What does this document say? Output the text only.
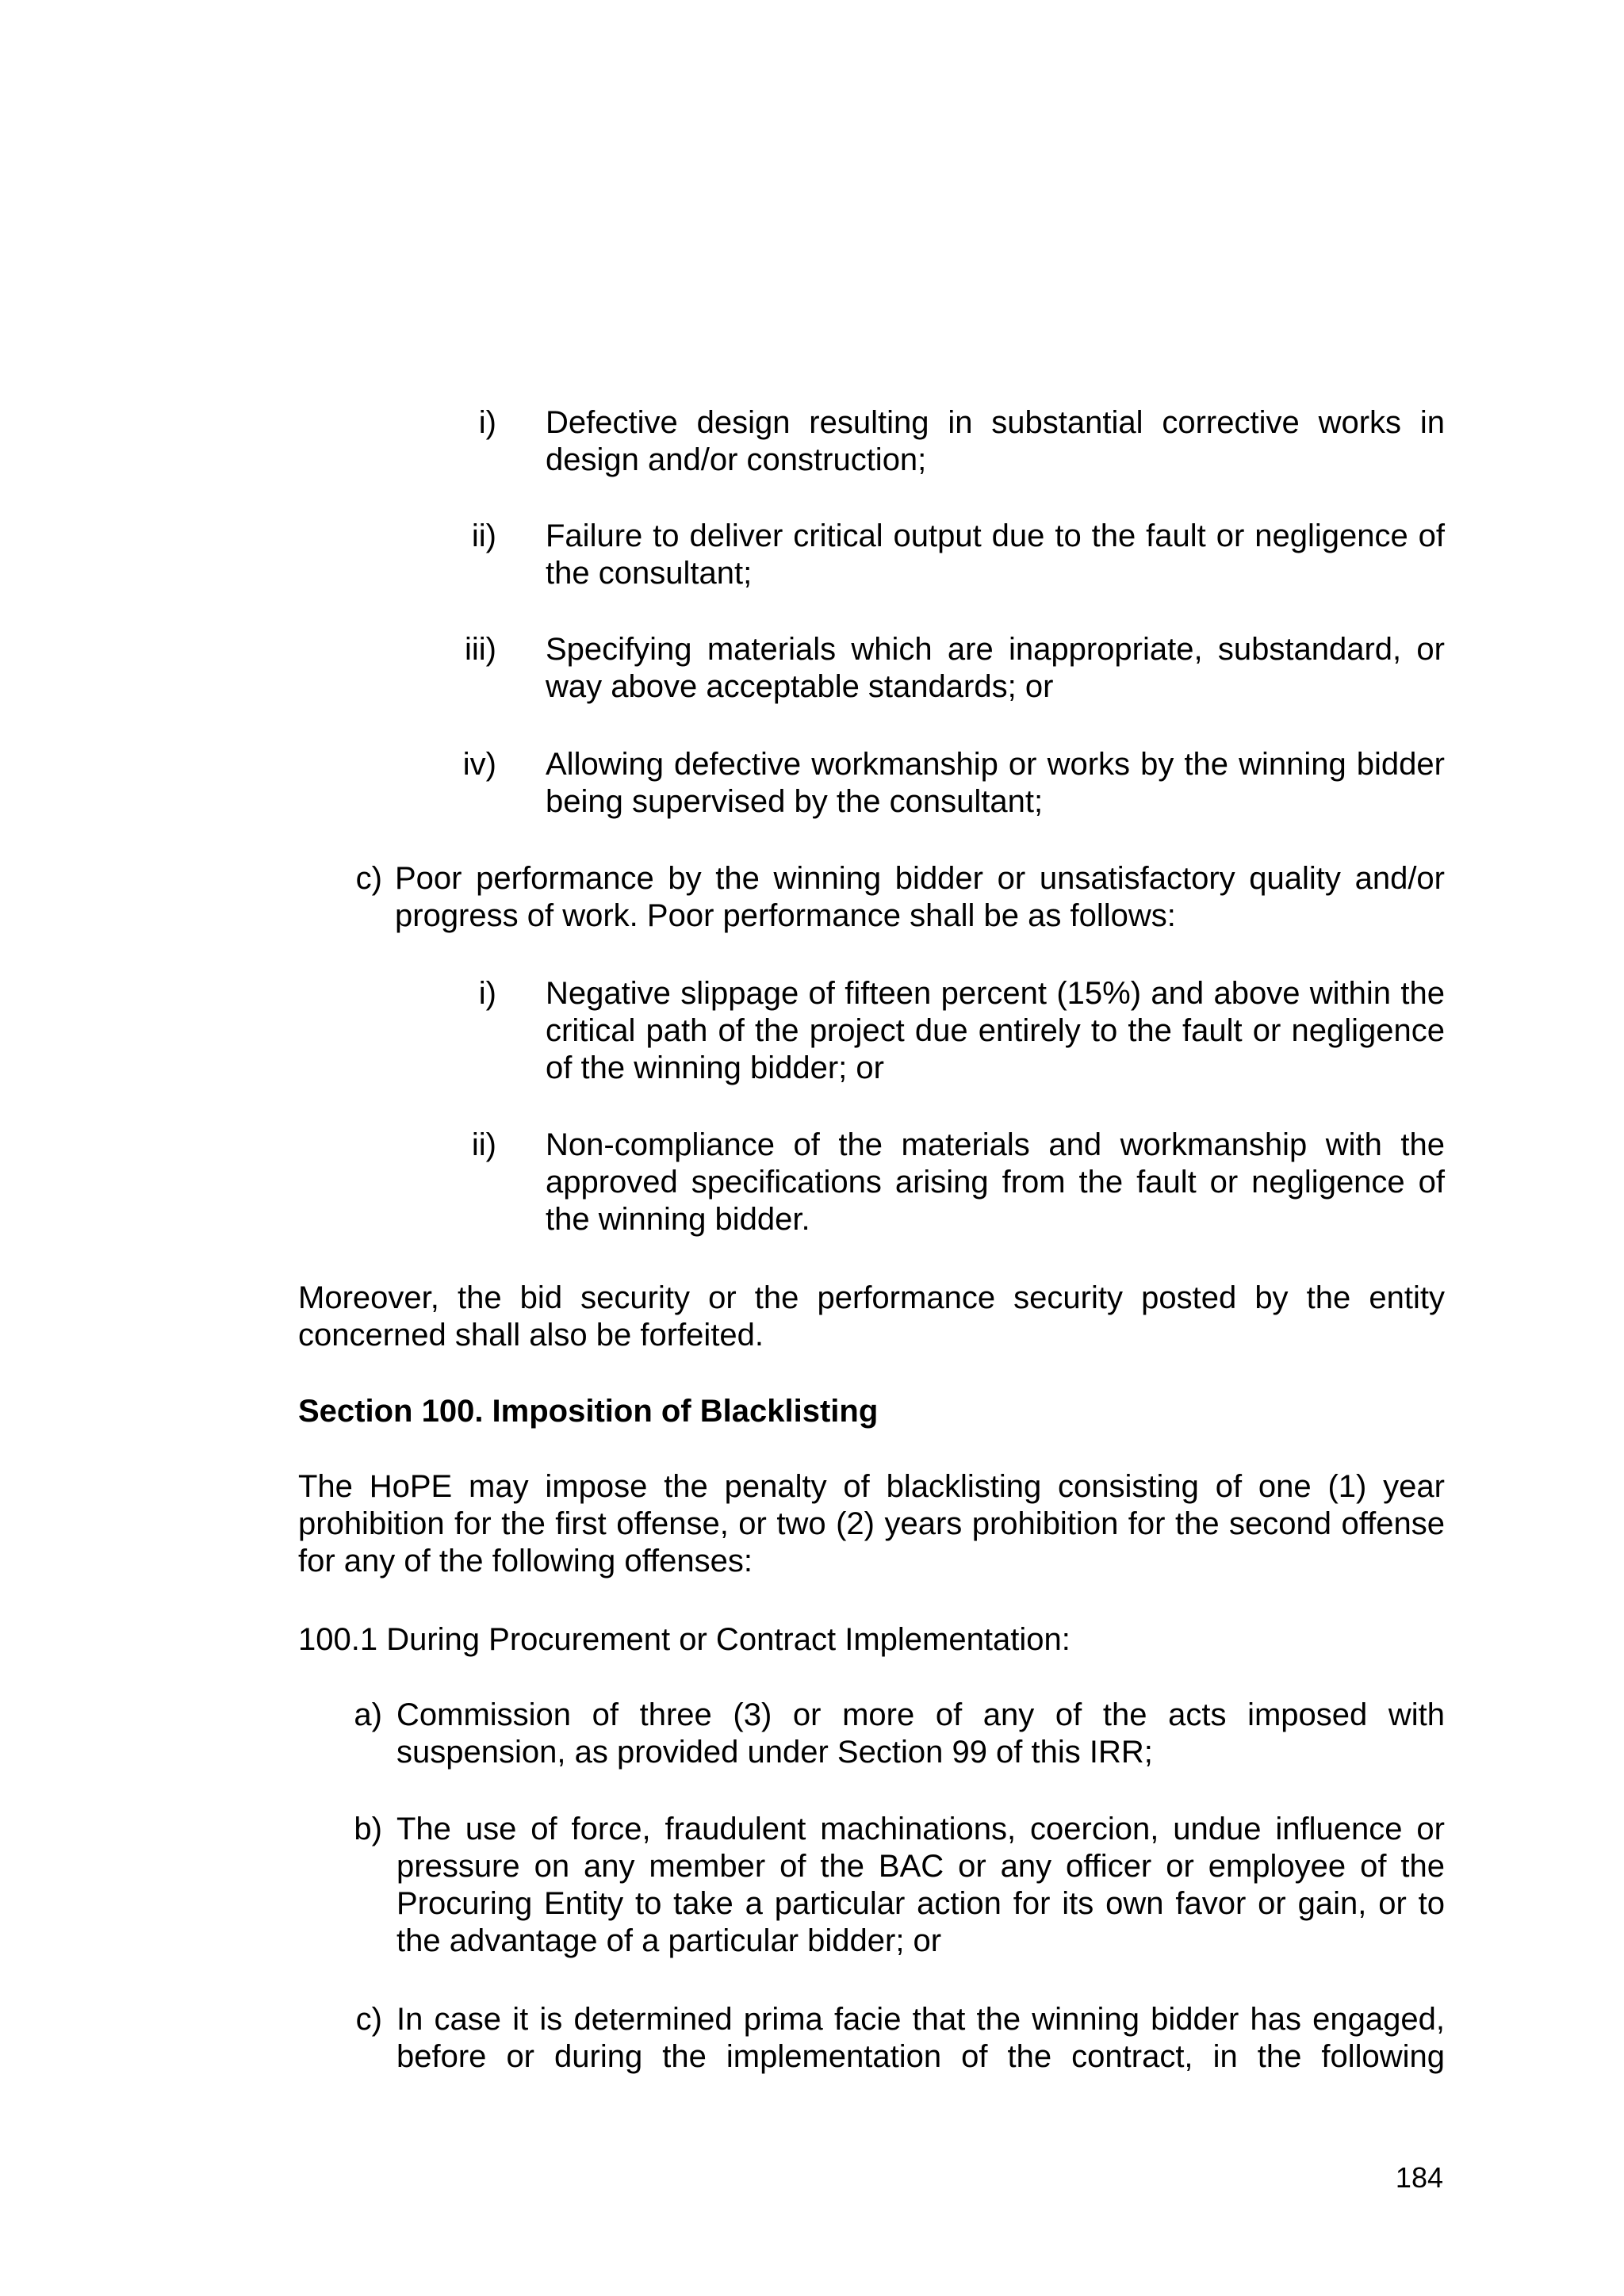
i) Defective design resulting in substantial corrective works in design and/or construction;

ii) Failure to deliver critical output due to the fault or negligence of the consultant;

iii) Specifying materials which are inappropriate, substandard, or way above acceptable standards; or

iv) Allowing defective workmanship or works by the winning bidder being supervised by the consultant;

c) Poor performance by the winning bidder or unsatisfactory quality and/or progress of work. Poor performance shall be as follows:

i) Negative slippage of fifteen percent (15%) and above within the critical path of the project due entirely to the fault or negligence of the winning bidder; or

ii) Non-compliance of the materials and workmanship with the approved specifications arising from the fault or negligence of the winning bidder.

Moreover, the bid security or the performance security posted by the entity concerned shall also be forfeited.

Section 100. Imposition of Blacklisting

The HoPE may impose the penalty of blacklisting consisting of one (1) year prohibition for the first offense, or two (2) years prohibition for the second offense for any of the following offenses:

100.1 During Procurement or Contract Implementation:

a) Commission of three (3) or more of any of the acts imposed with suspension, as provided under Section 99 of this IRR;

b) The use of force, fraudulent machinations, coercion, undue influence or pressure on any member of the BAC or any officer or employee of the Procuring Entity to take a particular action for its own favor or gain, or to the advantage of a particular bidder; or

c) In case it is determined prima facie that the winning bidder has engaged, before or during the implementation of the contract, in the following

184
